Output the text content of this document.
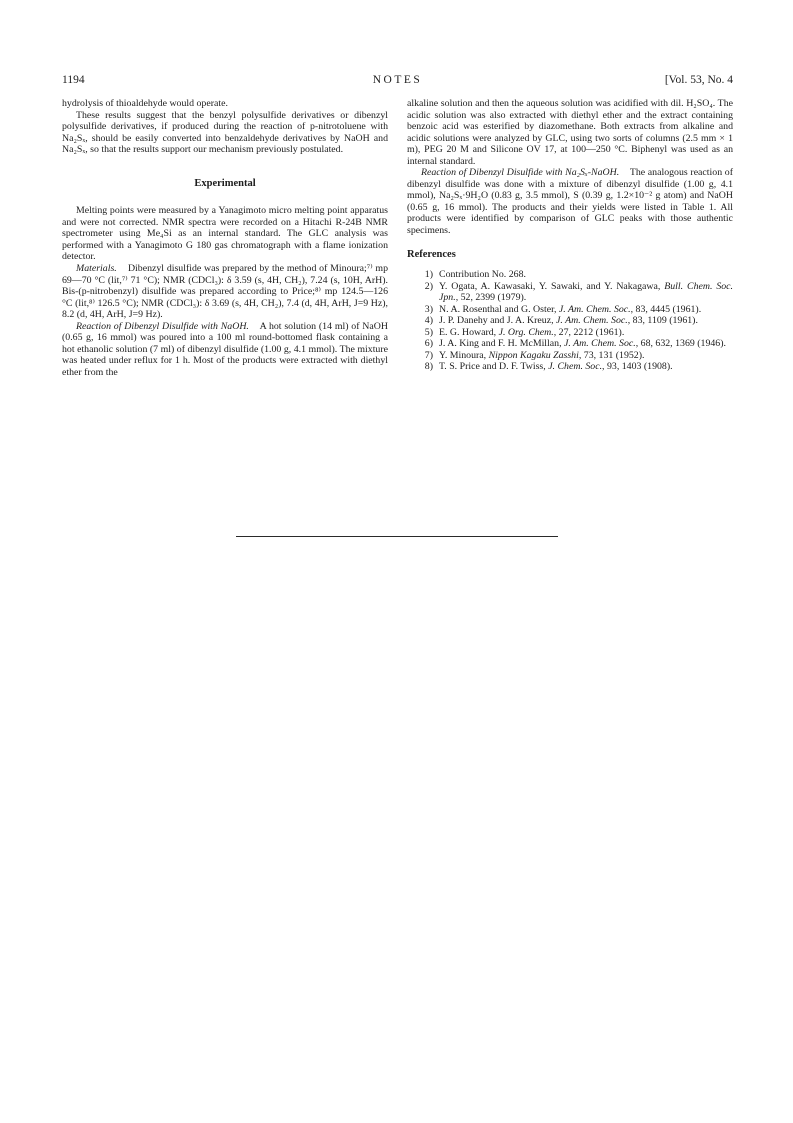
1194	NOTES	[Vol. 53, No. 4

hydrolysis of thioaldehyde would operate.

These results suggest that the benzyl polysulfide derivatives or dibenzyl polysulfide derivatives, if produced during the reaction of p-nitrotoluene with Na₂Sₓ, should be easily converted into benzaldehyde derivatives by NaOH and Na₂Sₓ, so that the results support our mechanism previously postulated.

Experimental

Melting points were measured by a Yanagimoto micro melting point apparatus and were not corrected. NMR spectra were recorded on a Hitachi R-24B NMR spectrometer using Me₄Si as an internal standard. The GLC analysis was performed with a Yanagimoto G 180 gas chromatograph with a flame ionization detector.

Materials. Dibenzyl disulfide was prepared by the method of Minoura;⁷⁾ mp 69—70 °C (lit,⁷⁾ 71 °C); NMR (CDCl₃): δ 3.59 (s, 4H, CH₂), 7.24 (s, 10H, ArH). Bis-(p-nitrobenzyl) disulfide was prepared according to Price;⁸⁾ mp 124.5—126 °C (lit,⁸⁾ 126.5 °C); NMR (CDCl₃): δ 3.69 (s, 4H, CH₂), 7.4 (d, 4H, ArH, J=9 Hz), 8.2 (d, 4H, ArH, J=9 Hz).

Reaction of Dibenzyl Disulfide with NaOH. A hot solution (14 ml) of NaOH (0.65 g, 16 mmol) was poured into a 100 ml round-bottomed flask containing a hot ethanolic solution (7 ml) of dibenzyl disulfide (1.00 g, 4.1 mmol). The mixture was heated under reflux for 1 h. Most of the products were extracted with diethyl ether from the

alkaline solution and then the aqueous solution was acidified with dil. H₂SO₄. The acidic solution was also extracted with diethyl ether and the extract containing benzoic acid was esterified by diazomethane. Both extracts from alkaline and acidic solutions were analyzed by GLC, using two sorts of columns (2.5 mm × 1 m), PEG 20 M and Silicone OV 17, at 100—250 °C. Biphenyl was used as an internal standard.

Reaction of Dibenzyl Disulfide with Na₂Sₓ-NaOH. The analogous reaction of dibenzyl disulfide was done with a mixture of dibenzyl disulfide (1.00 g, 4.1 mmol), Na₂Sₓ·9H₂O (0.83 g, 3.5 mmol), S (0.39 g, 1.2×10⁻² g atom) and NaOH (0.65 g, 16 mmol). The products and their yields were listed in Table 1. All products were identified by comparison of GLC peaks with those authentic specimens.

References
1) Contribution No. 268.
2) Y. Ogata, A. Kawasaki, Y. Sawaki, and Y. Nakagawa, Bull. Chem. Soc. Jpn., 52, 2399 (1979).
3) N. A. Rosenthal and G. Oster, J. Am. Chem. Soc., 83, 4445 (1961).
4) J. P. Danehy and J. A. Kreuz, J. Am. Chem. Soc., 83, 1109 (1961).
5) E. G. Howard, J. Org. Chem., 27, 2212 (1961).
6) J. A. King and F. H. McMillan, J. Am. Chem. Soc., 68, 632, 1369 (1946).
7) Y. Minoura, Nippon Kagaku Zasshi, 73, 131 (1952).
8) T. S. Price and D. F. Twiss, J. Chem. Soc., 93, 1403 (1908).
